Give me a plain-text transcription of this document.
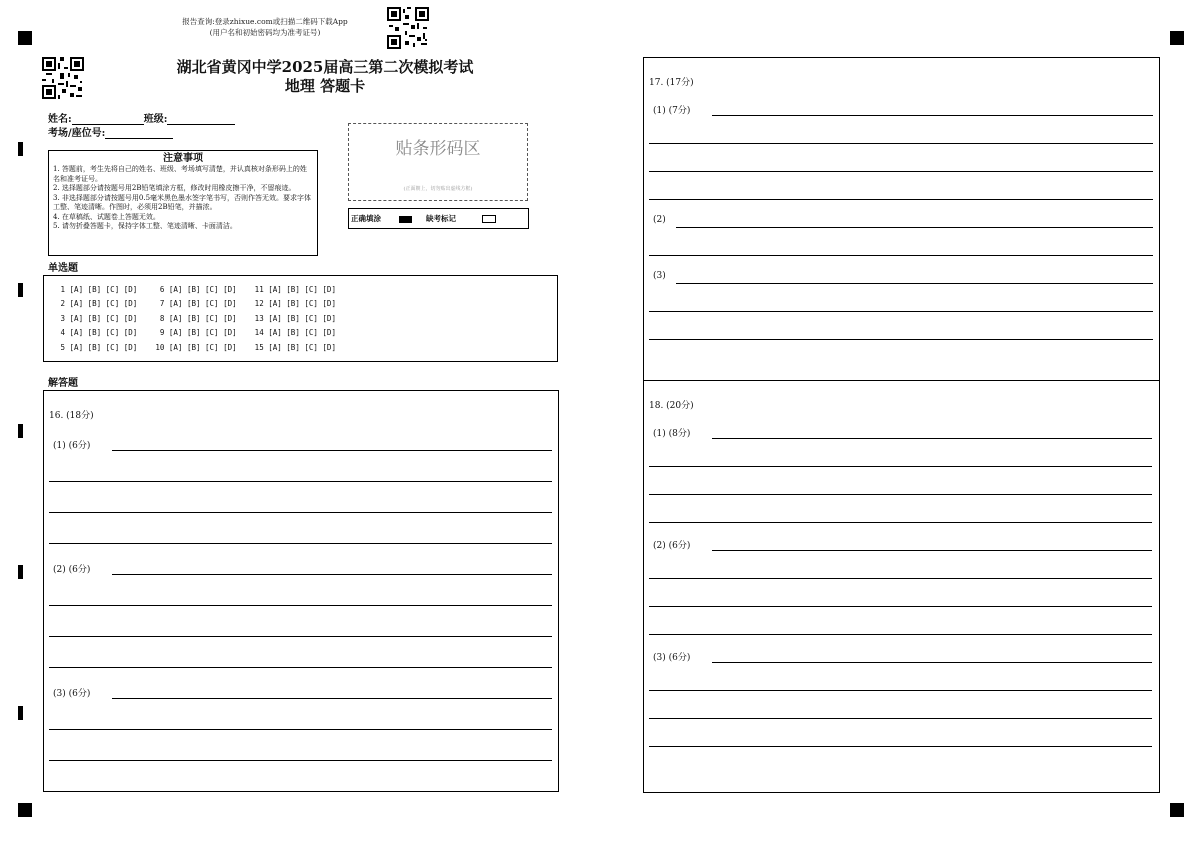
报告查询:登录zhixue.com或扫描二维码下载App
(用户名和初始密码均为准考证号)
湖北省黄冈中学2025届高三第二次模拟考试
地理 答题卡
姓名:	班级:
考场/座位号:
注意事项

1. 答题前，考生先将自己的姓名、班级、考场填写清楚，并认真核对条形码上的姓名和准考证号。

2. 选择题部分请按题号用2B铅笔填涂方框，修改时用橡皮擦干净，不留痕迹。

3. 非选择题部分请按题号用0.5毫米黑色墨水签字笔书写，否则作答无效。要求字体工整、笔迹清晰。作图时，必须用2B铅笔，并描浓。

4. 在草稿纸、试题卷上答题无效。

5. 请勿折叠答题卡，保持字体工整、笔迹清晰、卡面清洁。

贴条形码区
(正面朝上，切勿贴出虚线方框)
正确填涂	缺考标记
单选题
1 [A] [B] [C] [D]     6 [A] [B] [C] [D]    11 [A] [B] [C] [D]
2 [A] [B] [C] [D]     7 [A] [B] [C] [D]    12 [A] [B] [C] [D]
3 [A] [B] [C] [D]     8 [A] [B] [C] [D]    13 [A] [B] [C] [D]
4 [A] [B] [C] [D]     9 [A] [B] [C] [D]    14 [A] [B] [C] [D]
5 [A] [B] [C] [D]    10 [A] [B] [C] [D]    15 [A] [B] [C] [D]
解答题
16. (18分)
(1) (6分)
(2) (6分)
(3) (6分)
17. (17分)
(1) (7分)
(2)
(3)
18. (20分)
(1) (8分)
(2) (6分)
(3) (6分)
